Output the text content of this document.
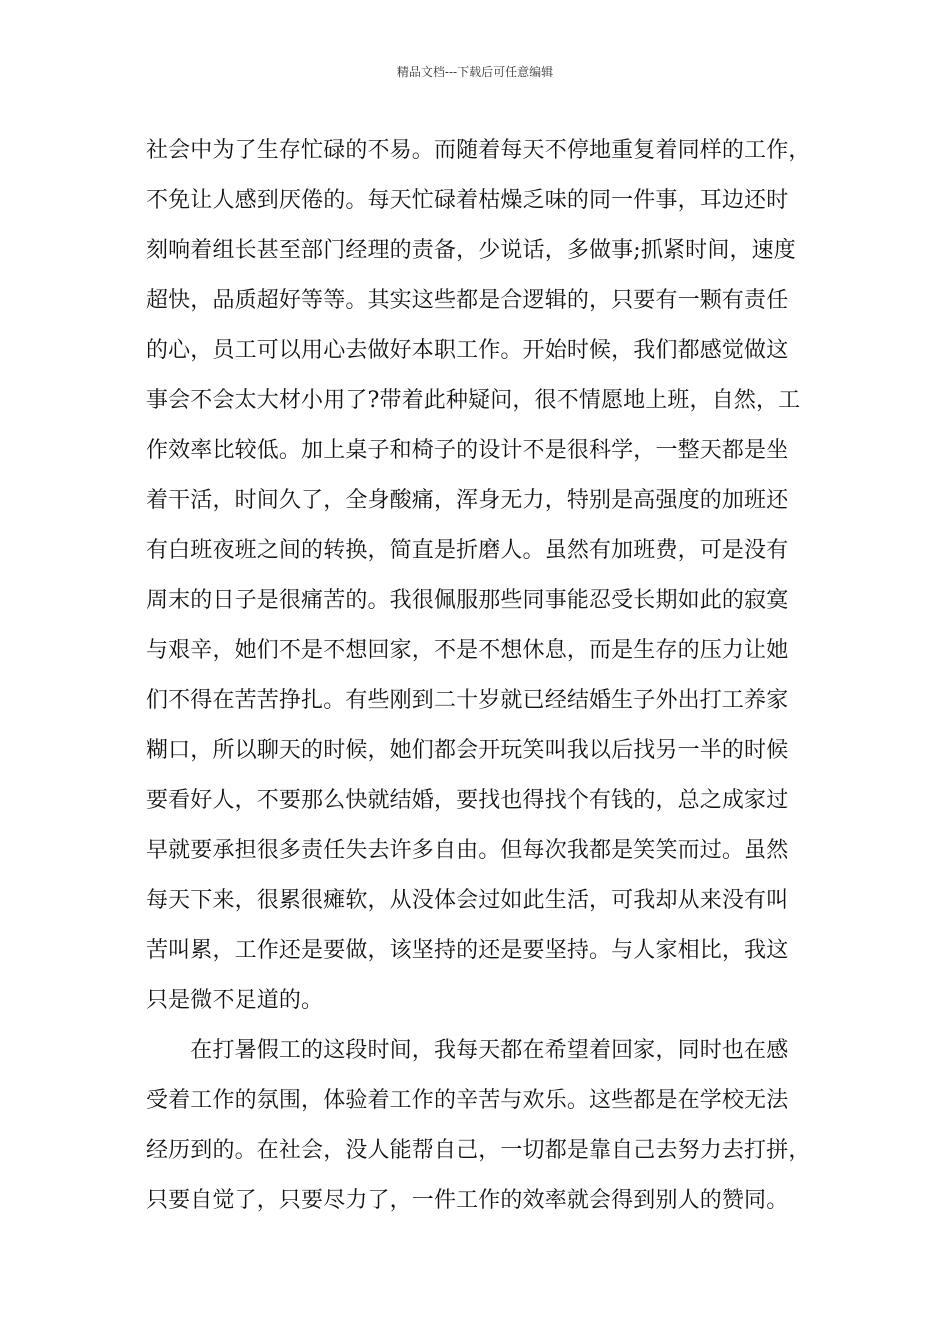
精品文档---下载后可任意编辑
社会中为了生存忙碌的不易。而随着每天不停地重复着同样的工作，
不免让人感到厌倦的。每天忙碌着枯燥乏味的同一件事，耳边还时
刻响着组长甚至部门经理的责备，少说话，多做事;抓紧时间，速度
超快，品质超好等等。其实这些都是合逻辑的，只要有一颗有责任
的心，员工可以用心去做好本职工作。开始时候，我们都感觉做这
事会不会太大材小用了?带着此种疑问，很不情愿地上班，自然，工
作效率比较低。加上桌子和椅子的设计不是很科学，一整天都是坐
着干活，时间久了，全身酸痛，浑身无力，特别是高强度的加班还
有白班夜班之间的转换，简直是折磨人。虽然有加班费，可是没有
周末的日子是很痛苦的。我很佩服那些同事能忍受长期如此的寂寞
与艰辛，她们不是不想回家，不是不想休息，而是生存的压力让她
们不得在苦苦挣扎。有些刚到二十岁就已经结婚生子外出打工养家
糊口，所以聊天的时候，她们都会开玩笑叫我以后找另一半的时候
要看好人，不要那么快就结婚，要找也得找个有钱的，总之成家过
早就要承担很多责任失去许多自由。但每次我都是笑笑而过。虽然
每天下来，很累很瘫软，从没体会过如此生活，可我却从来没有叫
苦叫累，工作还是要做，该坚持的还是要坚持。与人家相比，我这
只是微不足道的。
　　在打暑假工的这段时间，我每天都在希望着回家，同时也在感
受着工作的氛围，体验着工作的辛苦与欢乐。这些都是在学校无法
经历到的。在社会，没人能帮自己，一切都是靠自己去努力去打拼，
只要自觉了，只要尽力了，一件工作的效率就会得到别人的赞同。
